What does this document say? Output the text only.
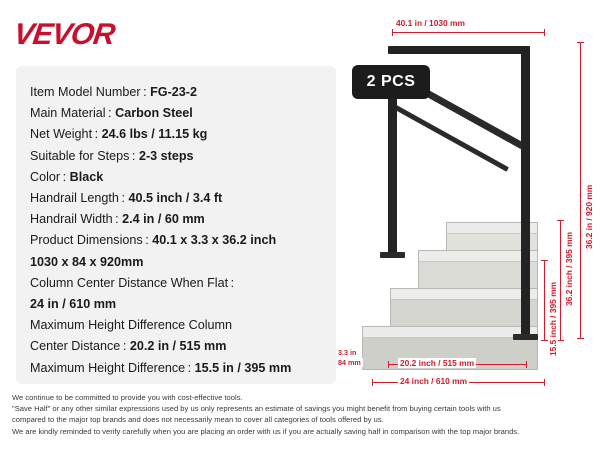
VEVOR
Item Model Number : FG-23-2
Main Material : Carbon Steel
Net Weight : 24.6 lbs / 11.15 kg
Suitable for Steps : 2-3 steps
Color : Black
Handrail Length : 40.5 inch / 3.4 ft
Handrail Width : 2.4 in / 60 mm
Product Dimensions : 40.1 x 3.3 x 36.2 inch
1030 x 84 x 920mm
Column Center Distance When Flat :
24 in / 610 mm
Maximum Height Difference Column
Center Distance : 20.2 in / 515 mm
Maximum Height Difference : 15.5 in / 395 mm
2 PCS
40.1 in / 1030 mm
36.2 in / 920 mm
36.2 inch / 395 mm
15.5 inch / 395 mm
3.3 in
84 mm	20.2 inch / 515 mm
24 inch / 610 mm

We continue to be committed to provide you with cost-effective tools.

"Save Half" or any other similar expressions used by us only represents an estimate of savings you might benefit from buying certain tools with us

compared to the major top brands and does not necessarily mean to cover all categories of tools offered by us.

We are kindly reminded to verify carefully when you are placing an order with us if you are actually saving half in comparison with the top major brands.
